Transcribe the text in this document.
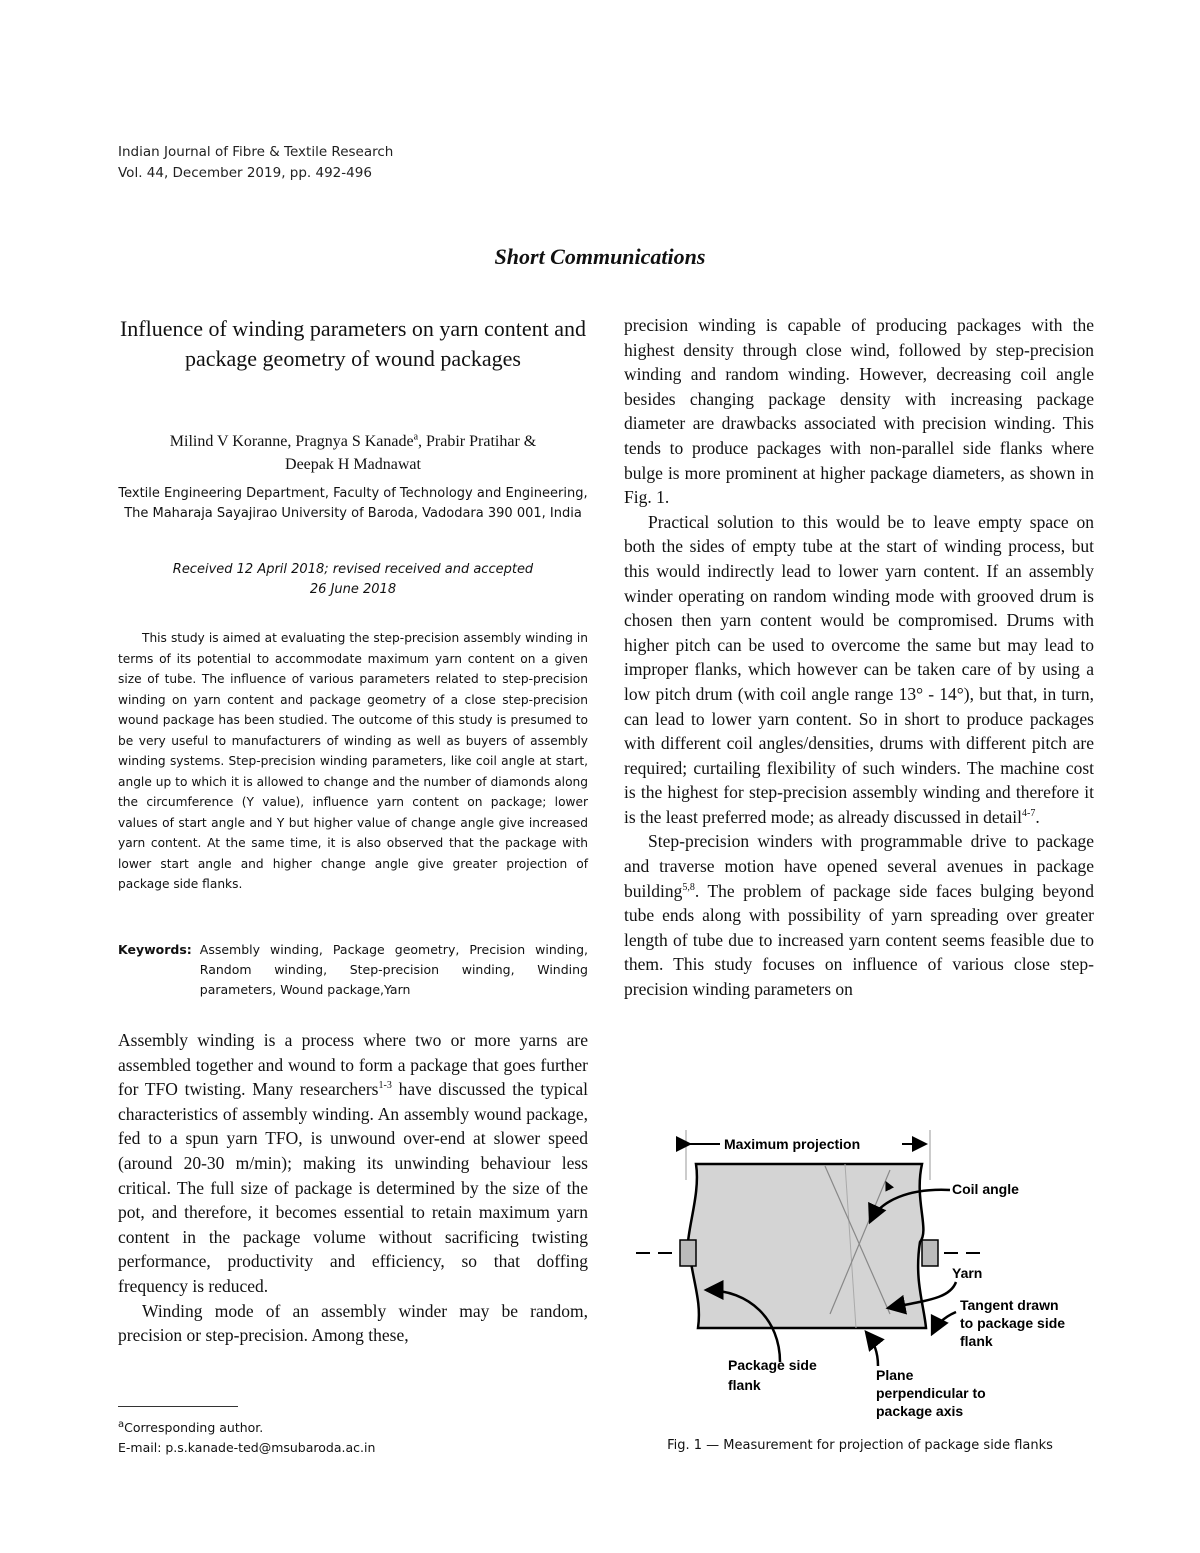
Indian Journal of Fibre & Textile Research
Vol. 44, December 2019, pp. 492-496
Short Communications
Influence of winding parameters on yarn content and package geometry of wound packages
Milind V Koranne, Pragnya S Kanade$^a$, Prabir Pratihar &
Deepak H Madnawat
Textile Engineering Department, Faculty of Technology and Engineering, The Maharaja Sayajirao University of Baroda, Vadodara 390 001, India
Received 12 April 2018; revised received and accepted
26 June 2018

This study is aimed at evaluating the step-precision assembly winding in terms of its potential to accommodate maximum yarn content on a given size of tube. The influence of various parameters related to step-precision winding on yarn content and package geometry of a close step-precision wound package has been studied. The outcome of this study is presumed to be very useful to manufacturers of winding as well as buyers of assembly winding systems. Step-precision winding parameters, like coil angle at start, angle up to which it is allowed to change and the number of diamonds along the circumference (Y value), influence yarn content on package; lower values of start angle and Y but higher value of change angle give increased yarn content. At the same time, it is also observed that the package with lower start angle and higher change angle give greater projection of package side flanks.

Keywords: Assembly winding, Package geometry, Precision winding, Random winding, Step-precision winding, Winding parameters, Wound package,Yarn

Assembly winding is a process where two or more yarns are assembled together and wound to form a package that goes further for TFO twisting. Many researchers$^{1-3}$ have discussed the typical characteristics of assembly winding. An assembly wound package, fed to a spun yarn TFO, is unwound over-end at slower speed (around 20-30 m/min); making its unwinding behaviour less critical. The full size of package is determined by the size of the pot, and therefore, it becomes essential to retain maximum yarn content in the package volume without sacrificing twisting performance, productivity and efficiency, so that doffing frequency is reduced.

Winding mode of an assembly winder may be random, precision or step-precision. Among these,

precision winding is capable of producing packages with the highest density through close wind, followed by step-precision winding and random winding. However, decreasing coil angle besides changing package density with increasing package diameter are drawbacks associated with precision winding. This tends to produce packages with non-parallel side flanks where bulge is more prominent at higher package diameters, as shown in Fig. 1.

Practical solution to this would be to leave empty space on both the sides of empty tube at the start of winding process, but this would indirectly lead to lower yarn content. If an assembly winder operating on random winding mode with grooved drum is chosen then yarn content would be compromised. Drums with higher pitch can be used to overcome the same but may lead to improper flanks, which however can be taken care of by using a low pitch drum (with coil angle range 13° - 14°), but that, in turn, can lead to lower yarn content. So in short to produce packages with different coil angles/densities, drums with different pitch are required; curtailing flexibility of such winders. The machine cost is the highest for step-precision assembly winding and therefore it is the least preferred mode; as already discussed in detail$^{4-7}$.

Step-precision winders with programmable drive to package and traverse motion have opened several avenues in package building$^{5,8}$. The problem of package side faces bulging beyond tube ends along with possibility of yarn spreading over greater length of tube due to increased yarn content seems feasible due to them. This study focuses on influence of various close step-precision winding parameters on

$^a$Corresponding author.
E-mail: p.s.kanade-ted@msubaroda.ac.in
Maximum projection
Coil angle
Yarn
Tangent drawn
to package side
flank
Package side
flank
Plane
perpendicular to
package axis
Fig. 1 — Measurement for projection of package side flanks
